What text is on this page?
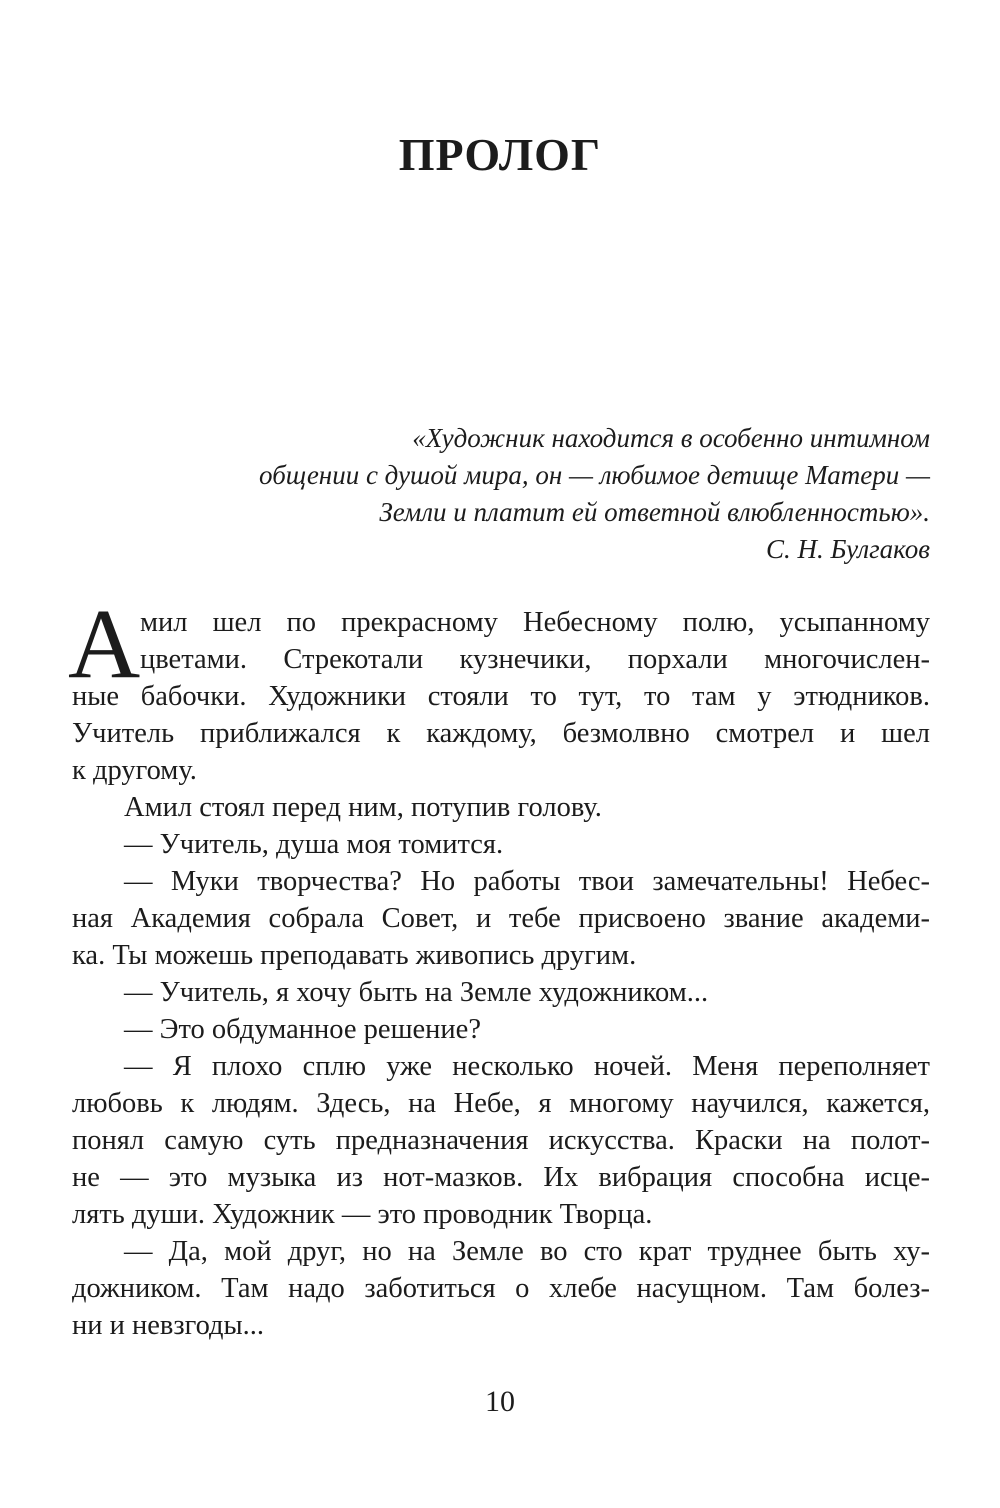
ПРОЛОГ
«Художник находится в особенно интимном
общении с душой мира, он — любимое детище Матери —
Земли и платит ей ответной влюбленностью».
С. Н. Булгаков
А мил шел по прекрасному Небесному полю, усыпанному
цветами. Стрекотали кузнечики, порхали многочислен-
ные бабочки. Художники стояли то тут, то там у этюдников.
Учитель приближался к каждому, безмолвно смотрел и шел
к другому.
Амил стоял перед ним, потупив голову.
— Учитель, душа моя томится.
— Муки творчества? Но работы твои замечательны! Небес-
ная Академия собрала Совет, и тебе присвоено звание академи-
ка. Ты можешь преподавать живопись другим.
— Учитель, я хочу быть на Земле художником...
— Это обдуманное решение?
— Я плохо сплю уже несколько ночей. Меня переполняет
любовь к людям. Здесь, на Небе, я многому научился, кажется,
понял самую суть предназначения искусства. Краски на полот-
не — это музыка из нот-мазков. Их вибрация способна исце-
лять души. Художник — это проводник Творца.
— Да, мой друг, но на Земле во сто крат труднее быть ху-
дожником. Там надо заботиться о хлебе насущном. Там болез-
ни и невзгоды...
10
